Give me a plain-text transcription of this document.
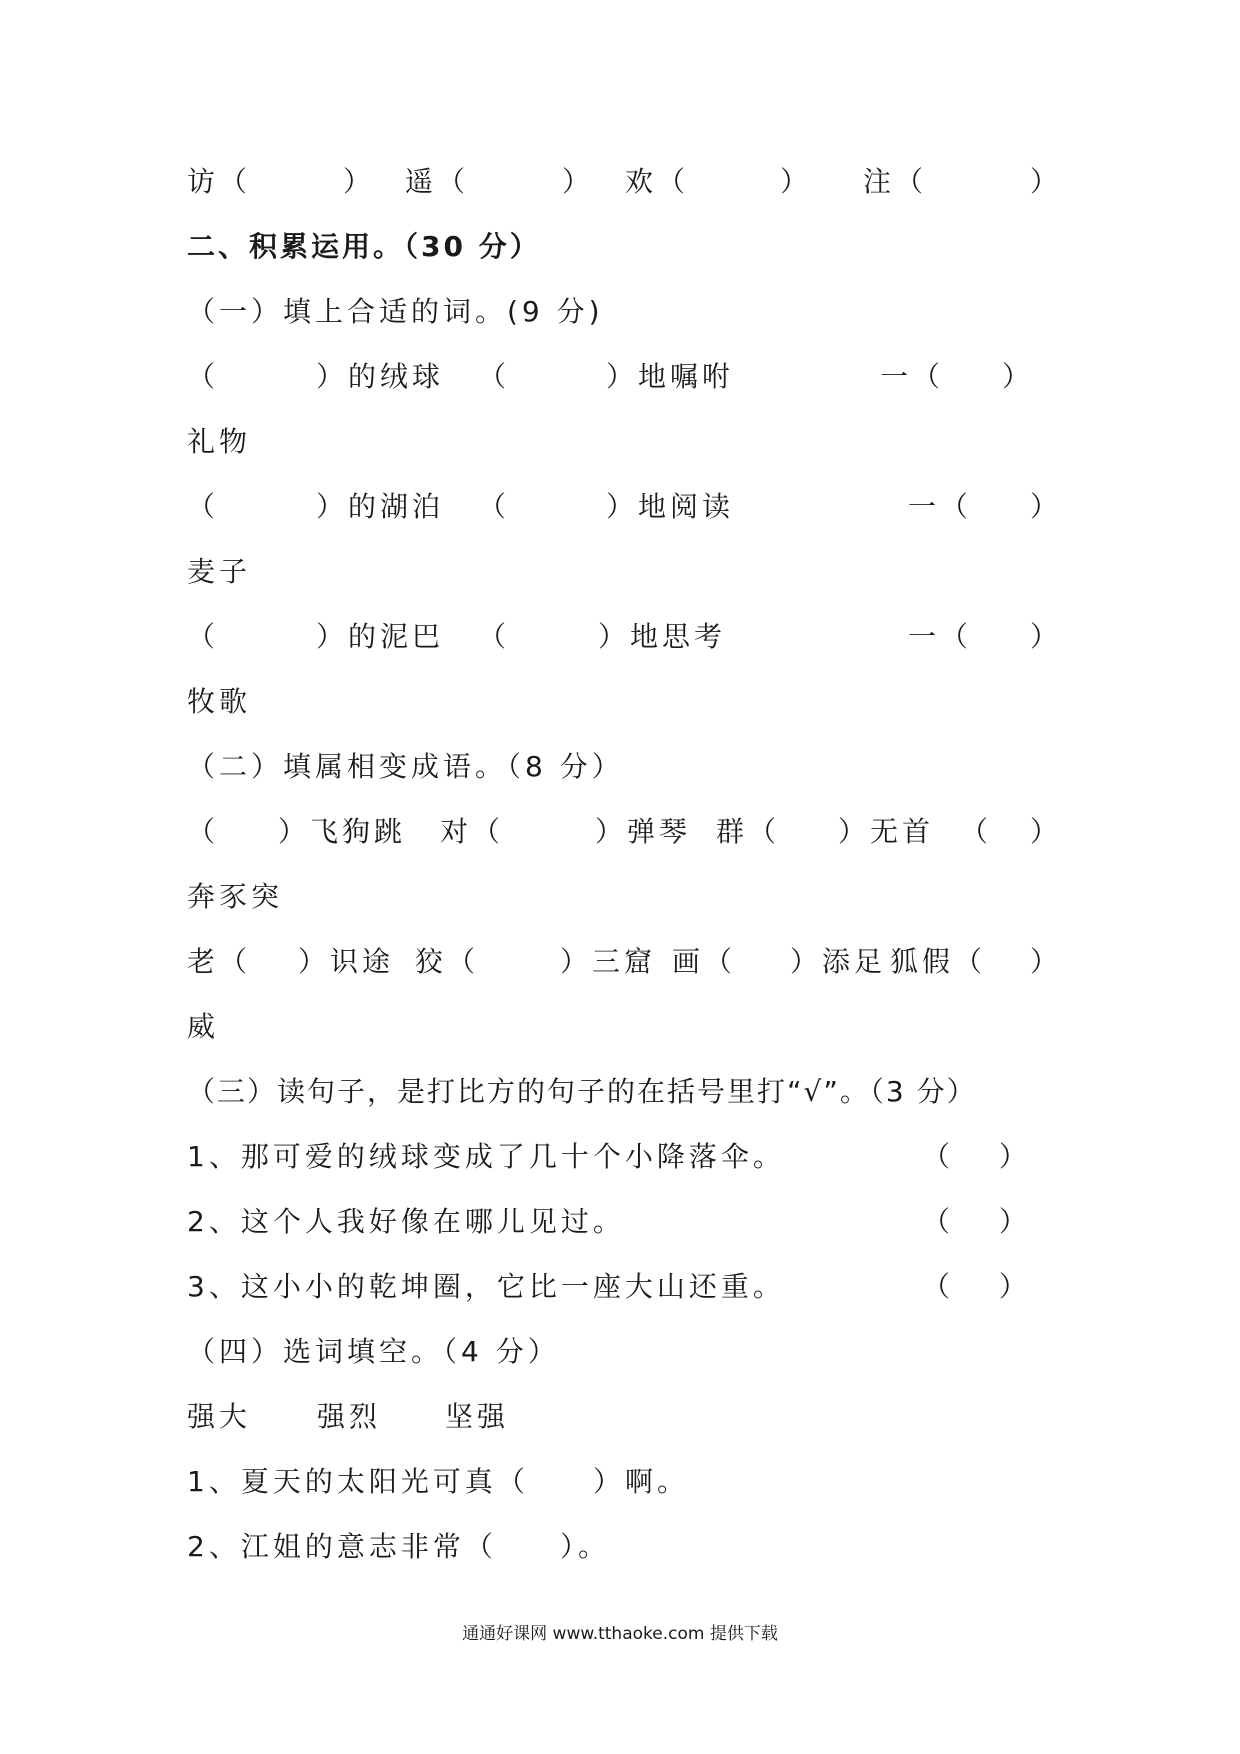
访（	） 遥（	） 欢（	） 注（	）
二、积累运用。（30 分）
（一）填上合适的词。(9 分)
（	）的绒球 （	）地嘱咐	一（ ）
礼物
（	）的湖泊 （	）地阅读	一（ ）
麦子
（	）的泥巴 （	）地思考	一（ ）
牧歌
（二）填属相变成语。（8 分）
（ ）飞狗跳 对（	）弹琴 群（ ）无首 （ ）
奔豕突
老（ ）识途 狡（	）三窟 画（ ）添足 狐假（ ）
威
（三）读句子，是打比方的句子的在括号里打“√”。（3 分）
1、那可爱的绒球变成了几十个小降落伞。	（　 ）
2、这个人我好像在哪儿见过。	（　 ）
3、这小小的乾坤圈，它比一座大山还重。	（　 ）
（四）选词填空。（4 分）
强大 强烈 坚强
1、夏天的太阳光可真（ ）啊。
2、江姐的意志非常（ ）。
通通好课网 www.tthaoke.com 提供下载
